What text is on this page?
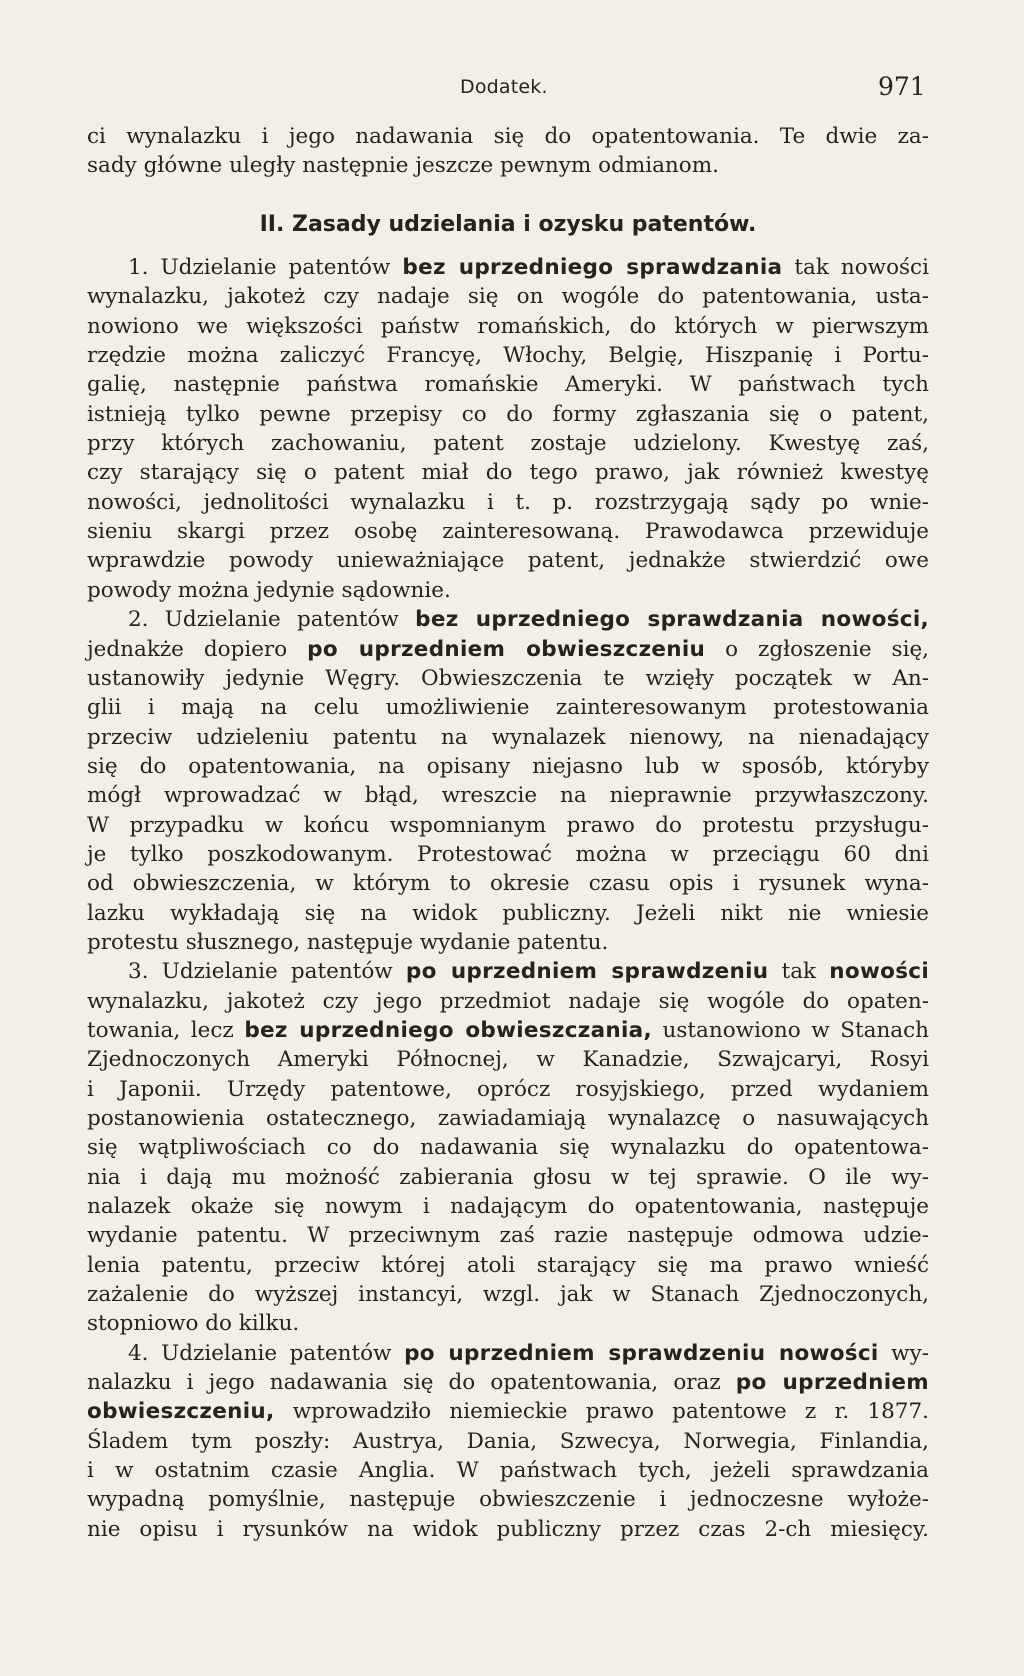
Dodatek.	971
ci wynalazku i jego nadawania się do opatentowania. Te dwie za-
sady główne uległy następnie jeszcze pewnym odmianom.
II. Zasady udzielania i ozysku patentów.
1. Udzielanie patentów bez uprzedniego sprawdzania tak nowości
wynalazku, jakoteż czy nadaje się on wogóle do patentowania, usta-
nowiono we większości państw romańskich, do których w pierwszym
rzędzie można zaliczyć Francyę, Włochy, Belgię, Hiszpanię i Portu-
galię, następnie państwa romańskie Ameryki. W państwach tych
istnieją tylko pewne przepisy co do formy zgłaszania się o patent,
przy których zachowaniu, patent zostaje udzielony. Kwestyę zaś,
czy starający się o patent miał do tego prawo, jak również kwestyę
nowości, jednolitości wynalazku i t. p. rozstrzygają sądy po wnie-
sieniu skargi przez osobę zainteresowaną. Prawodawca przewiduje
wprawdzie powody unieważniające patent, jednakże stwierdzić owe
powody można jedynie sądownie.
2. Udzielanie patentów bez uprzedniego sprawdzania nowości,
jednakże dopiero po uprzedniem obwieszczeniu o zgłoszenie się,
ustanowiły jedynie Węgry. Obwieszczenia te wzięły początek w An-
glii i mają na celu umożliwienie zainteresowanym protestowania
przeciw udzieleniu patentu na wynalazek nienowy, na nienadający
się do opatentowania, na opisany niejasno lub w sposób, któryby
mógł wprowadzać w błąd, wreszcie na nieprawnie przywłaszczony.
W przypadku w końcu wspomnianym prawo do protestu przysługu-
je tylko poszkodowanym. Protestować można w przeciągu 60 dni
od obwieszczenia, w którym to okresie czasu opis i rysunek wyna-
lazku wykładają się na widok publiczny. Jeżeli nikt nie wniesie
protestu słusznego, następuje wydanie patentu.
3. Udzielanie patentów po uprzedniem sprawdzeniu tak nowości
wynalazku, jakoteż czy jego przedmiot nadaje się wogóle do opaten-
towania, lecz bez uprzedniego obwieszczania, ustanowiono w Stanach
Zjednoczonych Ameryki Północnej, w Kanadzie, Szwajcaryi, Rosyi
i Japonii. Urzędy patentowe, oprócz rosyjskiego, przed wydaniem
postanowienia ostatecznego, zawiadamiają wynalazcę o nasuwających
się wątpliwościach co do nadawania się wynalazku do opatentowa-
nia i dają mu możność zabierania głosu w tej sprawie. O ile wy-
nalazek okaże się nowym i nadającym do opatentowania, następuje
wydanie patentu. W przeciwnym zaś razie następuje odmowa udzie-
lenia patentu, przeciw której atoli starający się ma prawo wnieść
zażalenie do wyższej instancyi, wzgl. jak w Stanach Zjednoczonych,
stopniowo do kilku.
4. Udzielanie patentów po uprzedniem sprawdzeniu nowości wy-
nalazku i jego nadawania się do opatentowania, oraz po uprzedniem
obwieszczeniu, wprowadziło niemieckie prawo patentowe z r. 1877.
Śladem tym poszły: Austrya, Dania, Szwecya, Norwegia, Finlandia,
i w ostatnim czasie Anglia. W państwach tych, jeżeli sprawdzania
wypadną pomyślnie, następuje obwieszczenie i jednoczesne wyłoże-
nie opisu i rysunków na widok publiczny przez czas 2-ch miesięcy.
